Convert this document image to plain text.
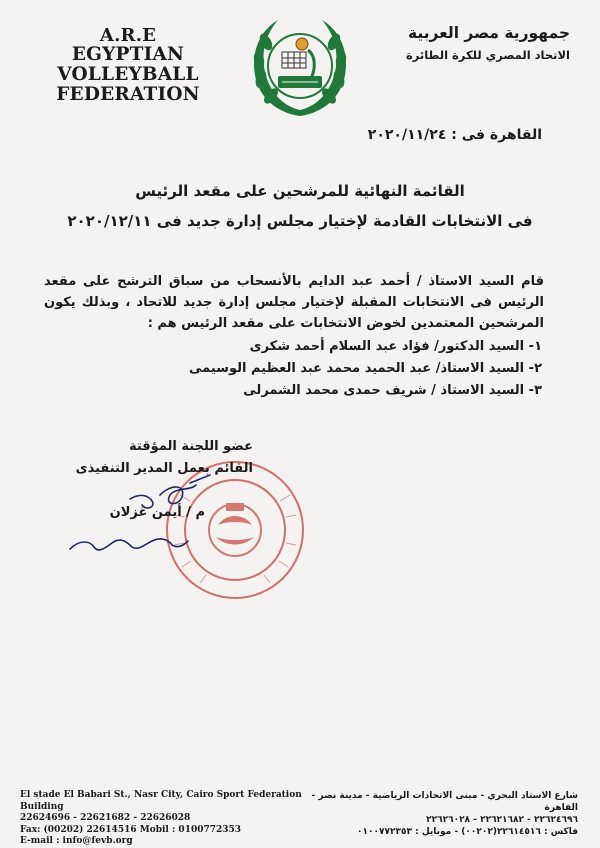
A.R.E
EGYPTIAN VOLLEYBALL
FEDERATION
جمهورية مصر العربية
الاتحاد المصري للكرة الطائرة
القاهرة فى : ٢٠٢٠/١١/٢٤
القائمة النهائية للمرشحين على مقعد الرئيس
فى الانتخابات القادمة لإختيار مجلس إدارة جديد فى ٢٠٢٠/١٢/١١
قام السيد الاستاذ / أحمد عبد الدايم بالأنسحاب من سباق الترشح على مقعد الرئيس فى الانتخابات المقبلة لإختيار مجلس إدارة جديد للاتحاد ، وبذلك يكون المرشحين المعتمدين لخوض الانتخابات على مقعد الرئيس هم :
١- السيد الدكتور/ فؤاد عبد السلام أحمد شكرى
٢- السيد الاستاذ/ عبد الحميد محمد عبد العظيم الوسيمى
٣- السيد الاستاذ / شريف حمدى محمد الشمرلى
عضو اللجنة المؤقتة
القائم بعمل المدير التنفيذى
م / أيمن غزلان
El stade El Babari St., Nasr City, Cairo Sport Federation Building
22624696 - 22621682 - 22626028
Fax: (00202) 22614516 Mobil : 0100772353
E-mail : info@fevb.org
شارع الاستاد البحري - مبنى الاتحادات الرياضية - مدينة نصر - القاهرة
٢٢٦٢٤٦٩٦ - ٢٢٦٢١٦٨٢ - ٢٢٦٢٦٠٢٨
فاكس : ٢٢٦١٤٥١٦(٠٠٢٠٢) - موبايل : ٠١٠٠٧٧٢٣٥٣
